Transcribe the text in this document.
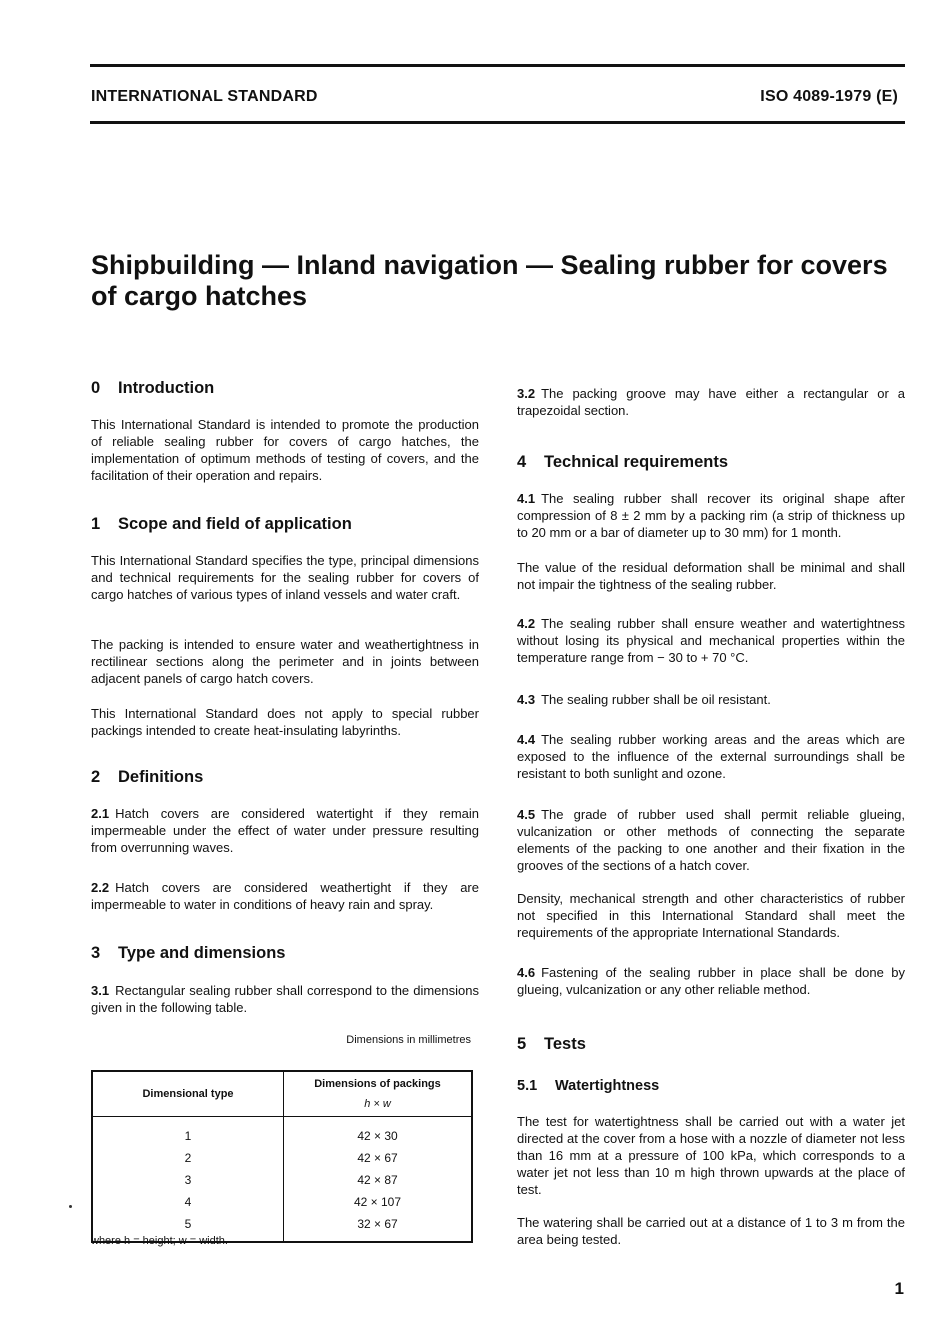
INTERNATIONAL STANDARD	ISO 4089-1979 (E)
Shipbuilding — Inland navigation — Sealing rubber for covers of cargo hatches
0 Introduction

This International Standard is intended to promote the production of reliable sealing rubber for covers of cargo hatches, the implementation of optimum methods of testing of covers, and the facilitation of their operation and repairs.

1 Scope and field of application

This International Standard specifies the type, principal dimensions and technical requirements for the sealing rubber for covers of cargo hatches of various types of inland vessels and water craft.

The packing is intended to ensure water and weathertightness in rectilinear sections along the perimeter and in joints between adjacent panels of cargo hatch covers.

This International Standard does not apply to special rubber packings intended to create heat-insulating labyrinths.

2 Definitions

2.1 Hatch covers are considered watertight if they remain impermeable under the effect of water under pressure resulting from overrunning waves.

2.2 Hatch covers are considered weathertight if they are impermeable to water in conditions of heavy rain and spray.

3 Type and dimensions

3.1 Rectangular sealing rubber shall correspond to the dimensions given in the following table.

Dimensions in millimetres
Dimensional type	Dimensions of packings
h × w

1	42 × 30
2	42 × 67
3	42 × 87
4	42 × 107
5	32 × 67
where h = height; w = width.

3.2 The packing groove may have either a rectangular or a trapezoidal section.

4 Technical requirements

4.1 The sealing rubber shall recover its original shape after compression of 8 ± 2 mm by a packing rim (a strip of thickness up to 20 mm or a bar of diameter up to 30 mm) for 1 month.

The value of the residual deformation shall be minimal and shall not impair the tightness of the sealing rubber.

4.2 The sealing rubber shall ensure weather and watertightness without losing its physical and mechanical properties within the temperature range from − 30 to + 70 °C.

4.3 The sealing rubber shall be oil resistant.

4.4 The sealing rubber working areas and the areas which are exposed to the influence of the external surroundings shall be resistant to both sunlight and ozone.

4.5 The grade of rubber used shall permit reliable glueing, vulcanization or other methods of connecting the separate elements of the packing to one another and their fixation in the grooves of the sections of a hatch cover.

Density, mechanical strength and other characteristics of rubber not specified in this International Standard shall meet the requirements of the appropriate International Standards.

4.6 Fastening of the sealing rubber in place shall be done by glueing, vulcanization or any other reliable method.

5 Tests
5.1 Watertightness

The test for watertightness shall be carried out with a water jet directed at the cover from a hose with a nozzle of diameter not less than 16 mm at a pressure of 100 kPa, which corresponds to a water jet not less than 10 m high thrown upwards at the place of test.

The watering shall be carried out at a distance of 1 to 3 m from the area being tested.

1
